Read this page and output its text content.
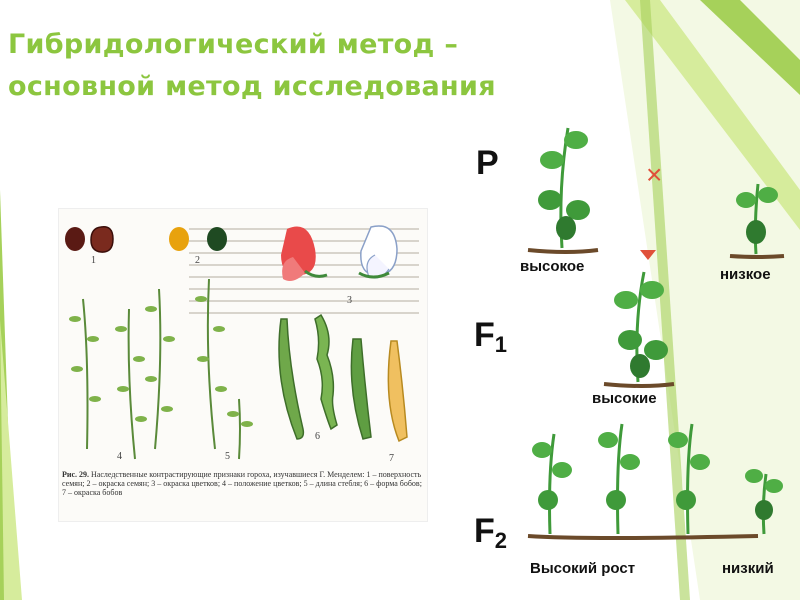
Гибридологический метод –
основной метод исследования
1	2
3
4	5
6
7
Рис. 29. Наследственные контрастирующие признаки гороха, изучавшиеся Г. Менделем: 1 – поверхность семян; 2 – окраска семян; 3 – окраска цветков; 4 – положение цветков; 5 – длина стебля; 6 – форма бобов; 7 – окраска бобов
P
$F_1$
$F_2$
×
высокое	низкое
высокие
Высокий рост	низкий
